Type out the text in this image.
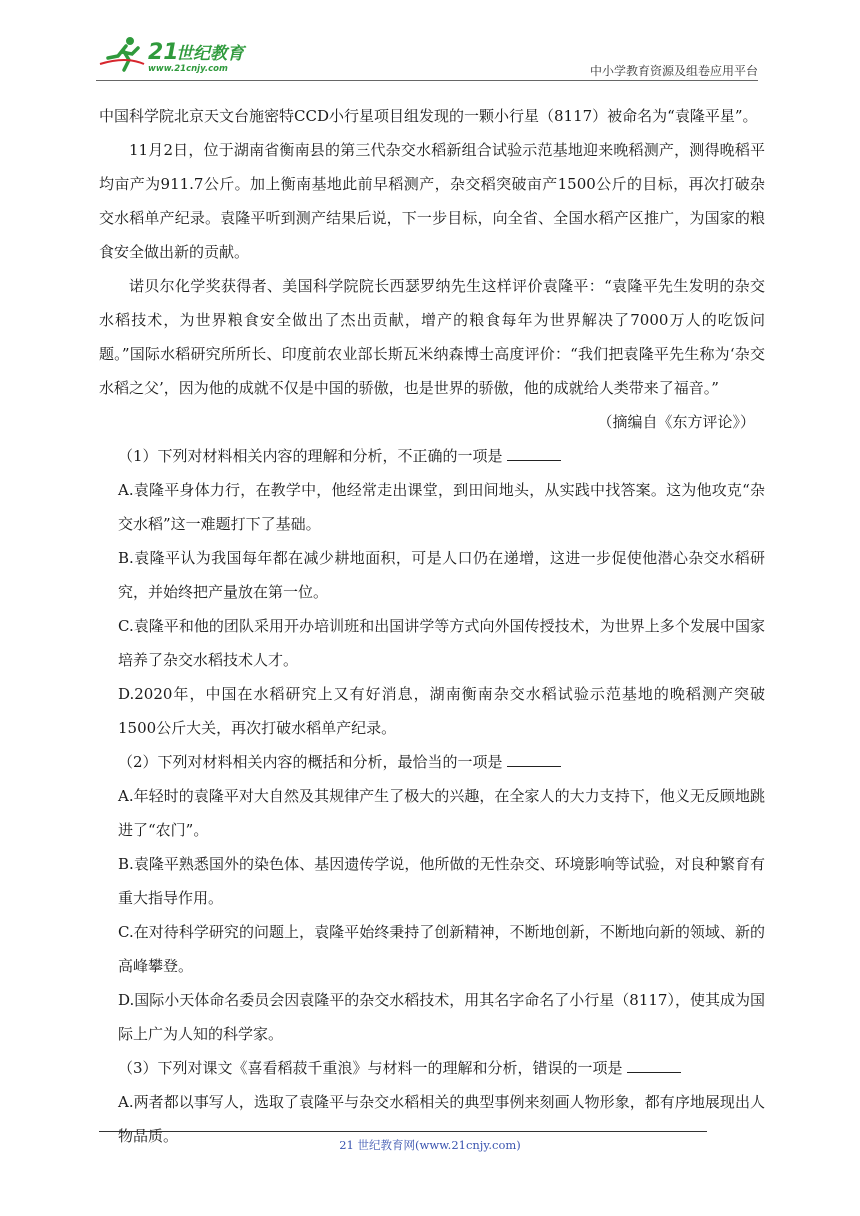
21
世纪教育
www.21cnjy.com	中小学教育资源及组卷应用平台

中国科学院北京天文台施密特CCD小行星项目组发现的一颗小行星（8117）被命名为“袁隆平星”。

11月2日，位于湖南省衡南县的第三代杂交水稻新组合试验示范基地迎来晚稻测产，测得晚稻平均亩产为911.7公斤。加上衡南基地此前早稻测产，杂交稻突破亩产1500公斤的目标，再次打破杂交水稻单产纪录。袁隆平听到测产结果后说，下一步目标，向全省、全国水稻产区推广，为国家的粮食安全做出新的贡献。

诺贝尔化学奖获得者、美国科学院院长西瑟罗纳先生这样评价袁隆平：“袁隆平先生发明的杂交水稻技术，为世界粮食安全做出了杰出贡献，增产的粮食每年为世界解决了7000万人的吃饭问题。”国际水稻研究所所长、印度前农业部长斯瓦米纳森博士高度评价：“我们把袁隆平先生称为‘杂交水稻之父’，因为他的成就不仅是中国的骄傲，也是世界的骄傲，他的成就给人类带来了福音。”

（摘编自《东方评论》）

（1）下列对材料相关内容的理解和分析，不正确的一项是

A.袁隆平身体力行，在教学中，他经常走出课堂，到田间地头，从实践中找答案。这为他攻克“杂交水稻”这一难题打下了基础。

B.袁隆平认为我国每年都在减少耕地面积，可是人口仍在递增，这进一步促使他潜心杂交水稻研究，并始终把产量放在第一位。

C.袁隆平和他的团队采用开办培训班和出国讲学等方式向外国传授技术，为世界上多个发展中国家培养了杂交水稻技术人才。

D.2020年，中国在水稻研究上又有好消息，湖南衡南杂交水稻试验示范基地的晚稻测产突破1500公斤大关，再次打破水稻单产纪录。

（2）下列对材料相关内容的概括和分析，最恰当的一项是

A.年轻时的袁隆平对大自然及其规律产生了极大的兴趣，在全家人的大力支持下，他义无反顾地跳进了“农门”。

B.袁隆平熟悉国外的染色体、基因遗传学说，他所做的无性杂交、环境影响等试验，对良种繁育有重大指导作用。

C.在对待科学研究的问题上，袁隆平始终秉持了创新精神，不断地创新，不断地向新的领域、新的高峰攀登。

D.国际小天体命名委员会因袁隆平的杂交水稻技术，用其名字命名了小行星（8117），使其成为国际上广为人知的科学家。

（3）下列对课文《喜看稻菽千重浪》与材料一的理解和分析，错误的一项是

A.两者都以事写人，选取了袁隆平与杂交水稻相关的典型事例来刻画人物形象，都有序地展现出人物品质。	21 世纪教育网(www.21cnjy.com)
